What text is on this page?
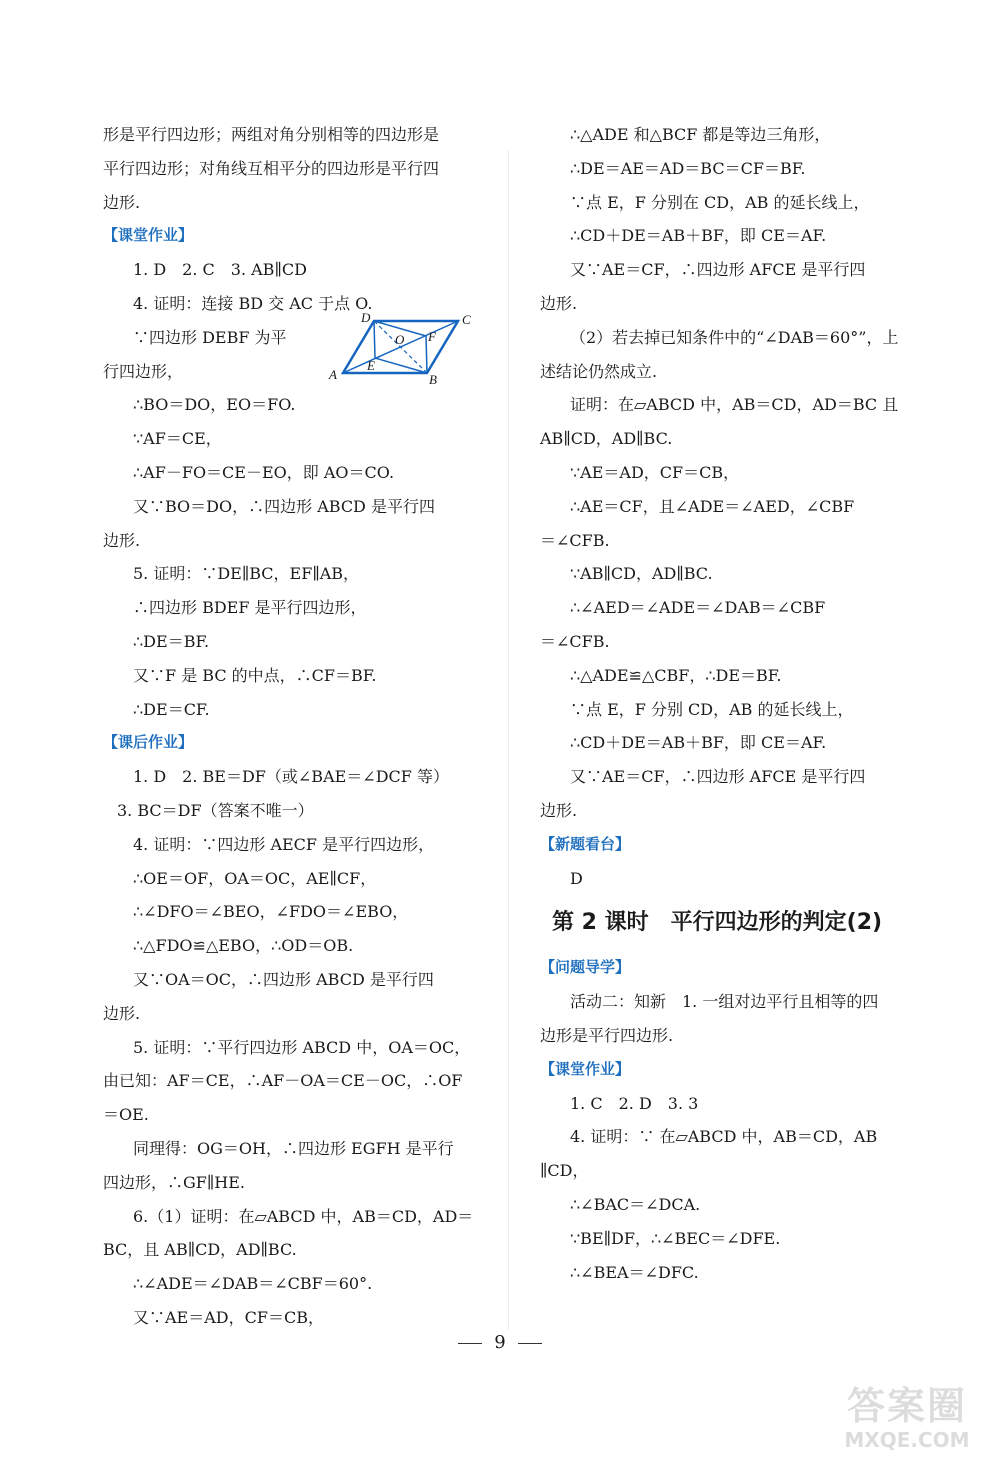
形是平行四边形；两组对角分别相等的四边形是
平行四边形；对角线互相平分的四边形是平行四
边形.
【课堂作业】
1. D　2. C　3. AB∥CD
4. 证明：连接 BD 交 AC 于点 O.
∵四边形 DEBF 为平
D	C
A	B
O
E
F
行四边形，
∴BO＝DO，EO＝FO.
∵AF＝CE，
∴AF－FO＝CE－EO，即 AO＝CO.
又∵BO＝DO，∴四边形 ABCD 是平行四
边形.
5. 证明：∵DE∥BC，EF∥AB，
∴四边形 BDEF 是平行四边形，
∴DE＝BF.
又∵F 是 BC 的中点，∴CF＝BF.
∴DE＝CF.
【课后作业】
1. D　2. BE＝DF（或∠BAE＝∠DCF 等）
3. BC＝DF（答案不唯一）
4. 证明：∵四边形 AECF 是平行四边形，
∴OE＝OF，OA＝OC，AE∥CF，
∴∠DFO＝∠BEO，∠FDO＝∠EBO，
∴△FDO≌△EBO，∴OD＝OB.
又∵OA＝OC，∴四边形 ABCD 是平行四
边形.
5. 证明：∵平行四边形 ABCD 中，OA＝OC，
由已知：AF＝CE，∴AF－OA＝CE－OC，∴OF
＝OE.
同理得：OG＝OH，∴四边形 EGFH 是平行
四边形，∴GF∥HE.
6.（1）证明：在▱ABCD 中，AB＝CD，AD＝
BC，且 AB∥CD，AD∥BC.
∴∠ADE＝∠DAB＝∠CBF＝60°.
又∵AE＝AD，CF＝CB，
∴△ADE 和△BCF 都是等边三角形，
∴DE＝AE＝AD＝BC＝CF＝BF.
∵点 E，F 分别在 CD，AB 的延长线上，
∴CD＋DE＝AB＋BF，即 CE＝AF.
又∵AE＝CF，∴四边形 AFCE 是平行四
边形.
（2）若去掉已知条件中的“∠DAB＝60°”，上
述结论仍然成立.
证明：在▱ABCD 中，AB＝CD，AD＝BC 且
AB∥CD，AD∥BC.
∵AE＝AD，CF＝CB，
∴AE＝CF，且∠ADE＝∠AED，∠CBF
＝∠CFB.
∵AB∥CD，AD∥BC.
∴∠AED＝∠ADE＝∠DAB＝∠CBF
＝∠CFB.
∴△ADE≌△CBF，∴DE＝BF.
∵点 E，F 分别 CD，AB 的延长线上，
∴CD＋DE＝AB＋BF，即 CE＝AF.
又∵AE＝CF，∴四边形 AFCE 是平行四
边形.
【新题看台】
D
第 2 课时 平行四边形的判定(2)
【问题导学】
活动二：知新　1. 一组对边平行且相等的四
边形是平行四边形.
【课堂作业】
1. C　2. D　3. 3
4. 证明：∵ 在▱ABCD 中，AB＝CD，AB
∥CD，
∴∠BAC＝∠DCA.
∵BE∥DF，∴∠BEC＝∠DFE.
∴∠BEA＝∠DFC.
9
答案圈
MXQE.COM
